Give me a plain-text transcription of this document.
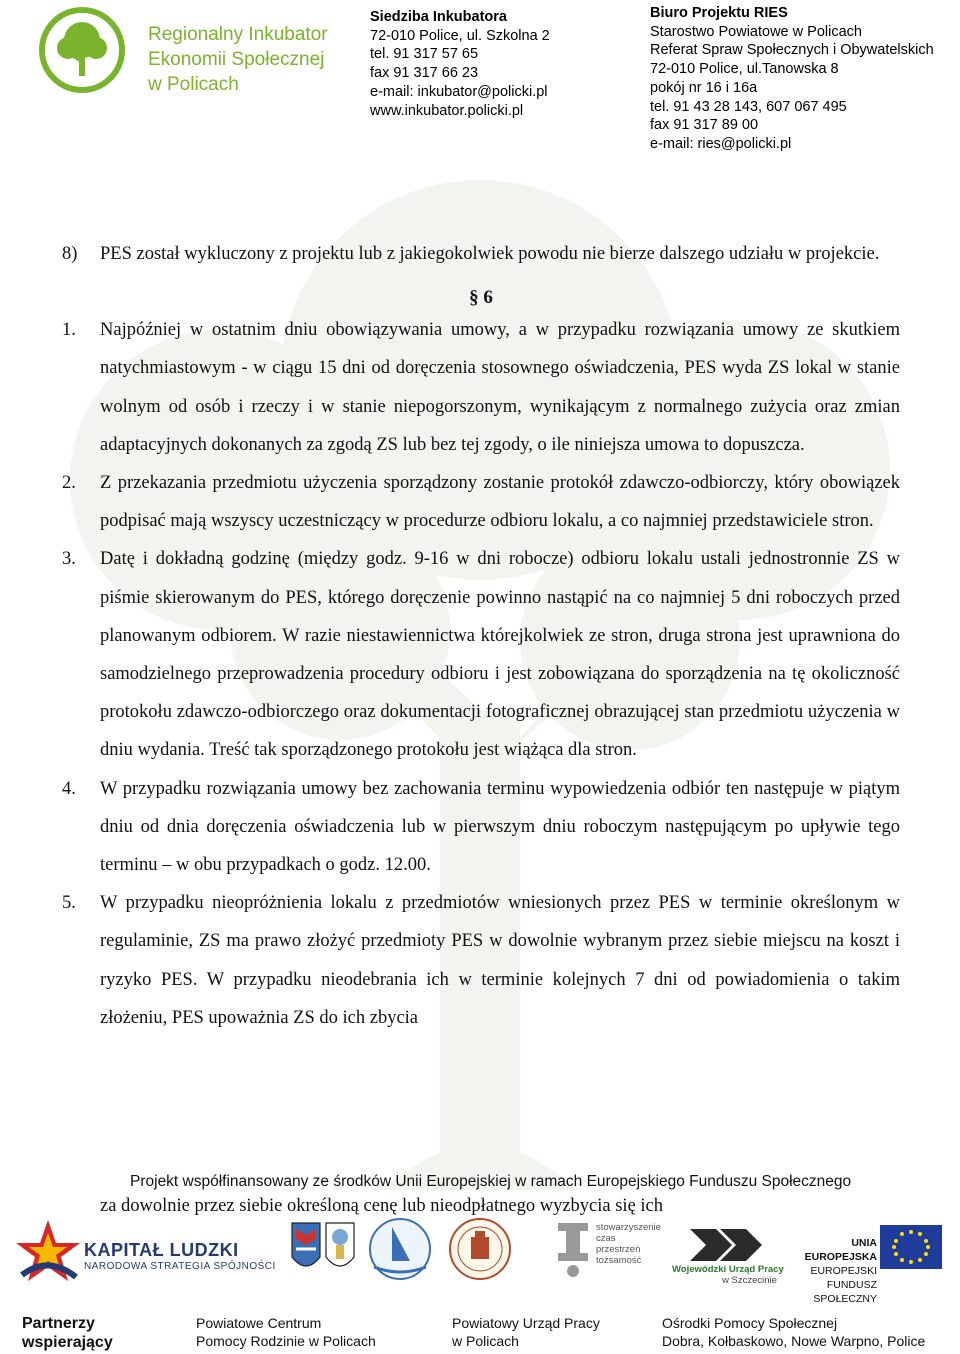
Regionalny Inkubator
Ekonomii Społecznej
w Policach
Siedziba Inkubatora
72-010 Police, ul. Szkolna 2
tel. 91 317 57 65
fax 91 317 66 23
e-mail: inkubator@policki.pl
www.inkubator.policki.pl
Biuro Projektu RIES
Starostwo Powiatowe w Policach
Referat Spraw Społecznych i Obywatelskich
72-010 Police, ul.Tanowska 8
pokój nr 16 i 16a
tel. 91 43 28 143, 607 067 495
fax 91 317 89 00
e-mail: ries@policki.pl
8) PES został wykluczony z projektu lub z jakiegokolwiek powodu nie bierze dalszego udziału w projekcie.
§ 6
1. Najpóźniej w ostatnim dniu obowiązywania umowy, a w przypadku rozwiązania umowy ze skutkiem natychmiastowym - w ciągu 15 dni od doręczenia stosownego oświadczenia, PES wyda ZS lokal w stanie wolnym od osób i rzeczy i w stanie niepogorszonym, wynikającym z normalnego zużycia oraz zmian adaptacyjnych dokonanych za zgodą ZS lub bez tej zgody, o ile niniejsza umowa to dopuszcza.
2. Z przekazania przedmiotu użyczenia sporządzony zostanie protokół zdawczo-odbiorczy, który obowiązek podpisać mają wszyscy uczestniczący w procedurze odbioru lokalu, a co najmniej przedstawiciele stron.
3. Datę i dokładną godzinę (między godz. 9-16 w dni robocze) odbioru lokalu ustali jednostronnie ZS w piśmie skierowanym do PES, którego doręczenie powinno nastąpić na co najmniej 5 dni roboczych przed planowanym odbiorem. W razie niestawiennictwa którejkolwiek ze stron, druga strona jest uprawniona do samodzielnego przeprowadzenia procedury odbioru i jest zobowiązana do sporządzenia na tę okoliczność protokołu zdawczo-odbiorczego oraz dokumentacji fotograficznej obrazującej stan przedmiotu użyczenia w dniu wydania. Treść tak sporządzonego protokołu jest wiążąca dla stron.
4. W przypadku rozwiązania umowy bez zachowania terminu wypowiedzenia odbiór ten następuje w piątym dniu od dnia doręczenia oświadczenia lub w pierwszym dniu roboczym następującym po upływie tego terminu – w obu przypadkach o godz. 12.00.
5. W przypadku nieopróżnienia lokalu z przedmiotów wniesionych przez PES w terminie określonym w regulaminie, ZS ma prawo złożyć przedmioty PES w dowolnie wybranym przez siebie miejscu na koszt i ryzyko PES. W przypadku nieodebrania ich w terminie kolejnych 7 dni od powiadomienia o takim złożeniu, PES upoważnia ZS do ich zbycia
Projekt współfinansowany ze środków Unii Europejskiej w ramach Europejskiego Funduszu Społecznego
za dowolnie przez siebie określoną cenę lub nieodpłatnego wyzbycia się ich
KAPITAŁ LUDZKI
NARODOWA STRATEGIA SPÓJNOŚCI
stowarzyszenie
czas
przestrzeń
tożsamość
Wojewódzki Urząd Pracy
w Szczecinie
UNIA EUROPEJSKA
EUROPEJSKI
FUNDUSZ SPOŁECZNY
Partnerzy
wspierający
Powiatowe Centrum
Pomocy Rodzinie w Policach
Powiatowy Urząd Pracy
w Policach
Ośrodki Pomocy Społecznej
Dobra, Kołbaskowo, Nowe Warpno, Police
